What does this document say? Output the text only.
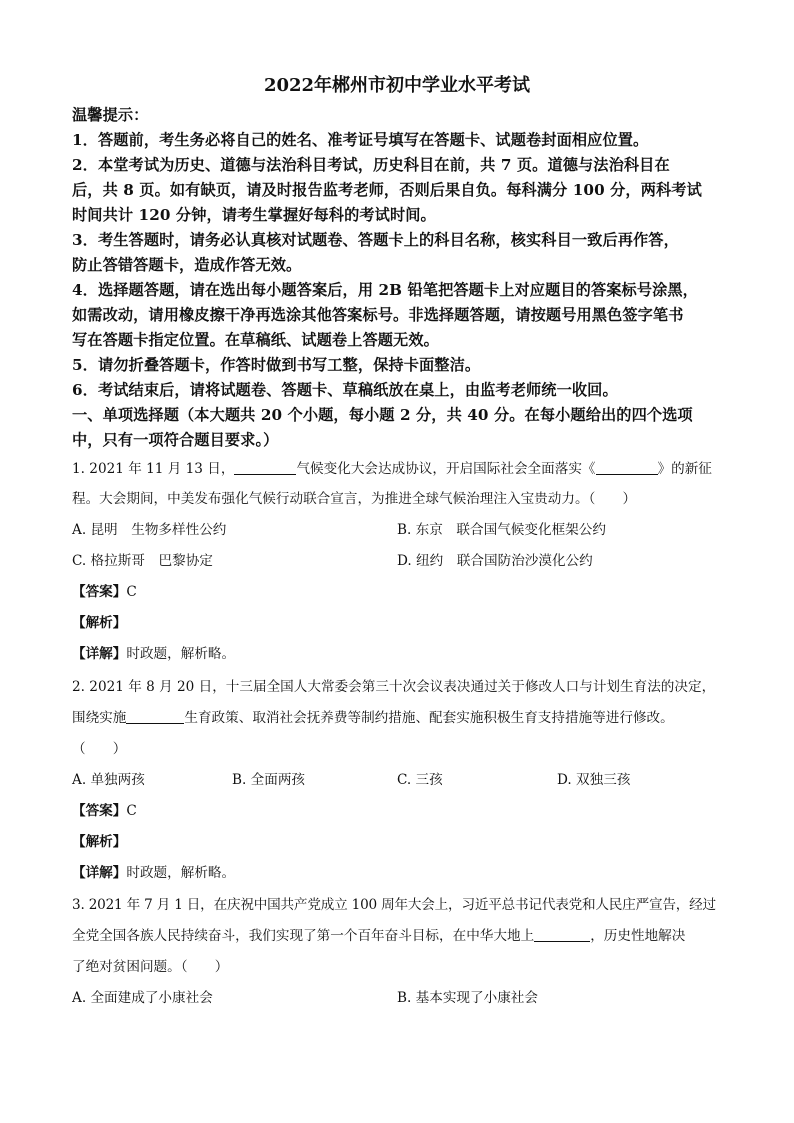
2022年郴州市初中学业水平考试
温馨提示：
1．答题前，考生务必将自己的姓名、准考证号填写在答题卡、试题卷封面相应位置。
2．本堂考试为历史、道德与法治科目考试，历史科目在前，共 7 页。道德与法治科目在
后，共 8 页。如有缺页，请及时报告监考老师，否则后果自负。每科满分 100 分，两科考试
时间共计 120 分钟，请考生掌握好每科的考试时间。
3．考生答题时，请务必认真核对试题卷、答题卡上的科目名称，核实科目一致后再作答，
防止答错答题卡，造成作答无效。
4．选择题答题，请在选出每小题答案后，用 2B 铅笔把答题卡上对应题目的答案标号涂黑，
如需改动，请用橡皮擦干净再选涂其他答案标号。非选择题答题，请按题号用黑色签字笔书
写在答题卡指定位置。在草稿纸、试题卷上答题无效。
5．请勿折叠答题卡，作答时做到书写工整，保持卡面整洁。
6．考试结束后，请将试题卷、答题卡、草稿纸放在桌上，由监考老师统一收回。
一、单项选择题（本大题共 20 个小题，每小题 2 分，共 40 分。在每小题给出的四个选项
中，只有一项符合题目要求。）
1. 2021 年 11 月 13 日，	气候变化大会达成协议，开启国际社会全面落实《	》的新征
程。大会期间，中美发布强化气候行动联合宣言，为推进全球气候治理注入宝贵动力。（　　）
A. 昆明　生物多样性公约	B. 东京　联合国气候变化框架公约
C. 格拉斯哥　巴黎协定	D. 纽约　联合国防治沙漠化公约
【答案】C
【解析】
【详解】时政题，解析略。
2. 2021 年 8 月 20 日，十三届全国人大常委会第三十次会议表决通过关于修改人口与计划生育法的决定，
围绕实施	生育政策、取消社会抚养费等制约措施、配套实施积极生育支持措施等进行修改。
（　　）
A. 单独两孩	B. 全面两孩	C. 三孩	D. 双独三孩
【答案】C
【解析】
【详解】时政题，解析略。
3. 2021 年 7 月 1 日，在庆祝中国共产党成立 100 周年大会上，习近平总书记代表党和人民庄严宣告，经过
全党全国各族人民持续奋斗，我们实现了第一个百年奋斗目标，在中华大地上	，历史性地解决
了绝对贫困问题。（　　）
A. 全面建成了小康社会	B. 基本实现了小康社会
